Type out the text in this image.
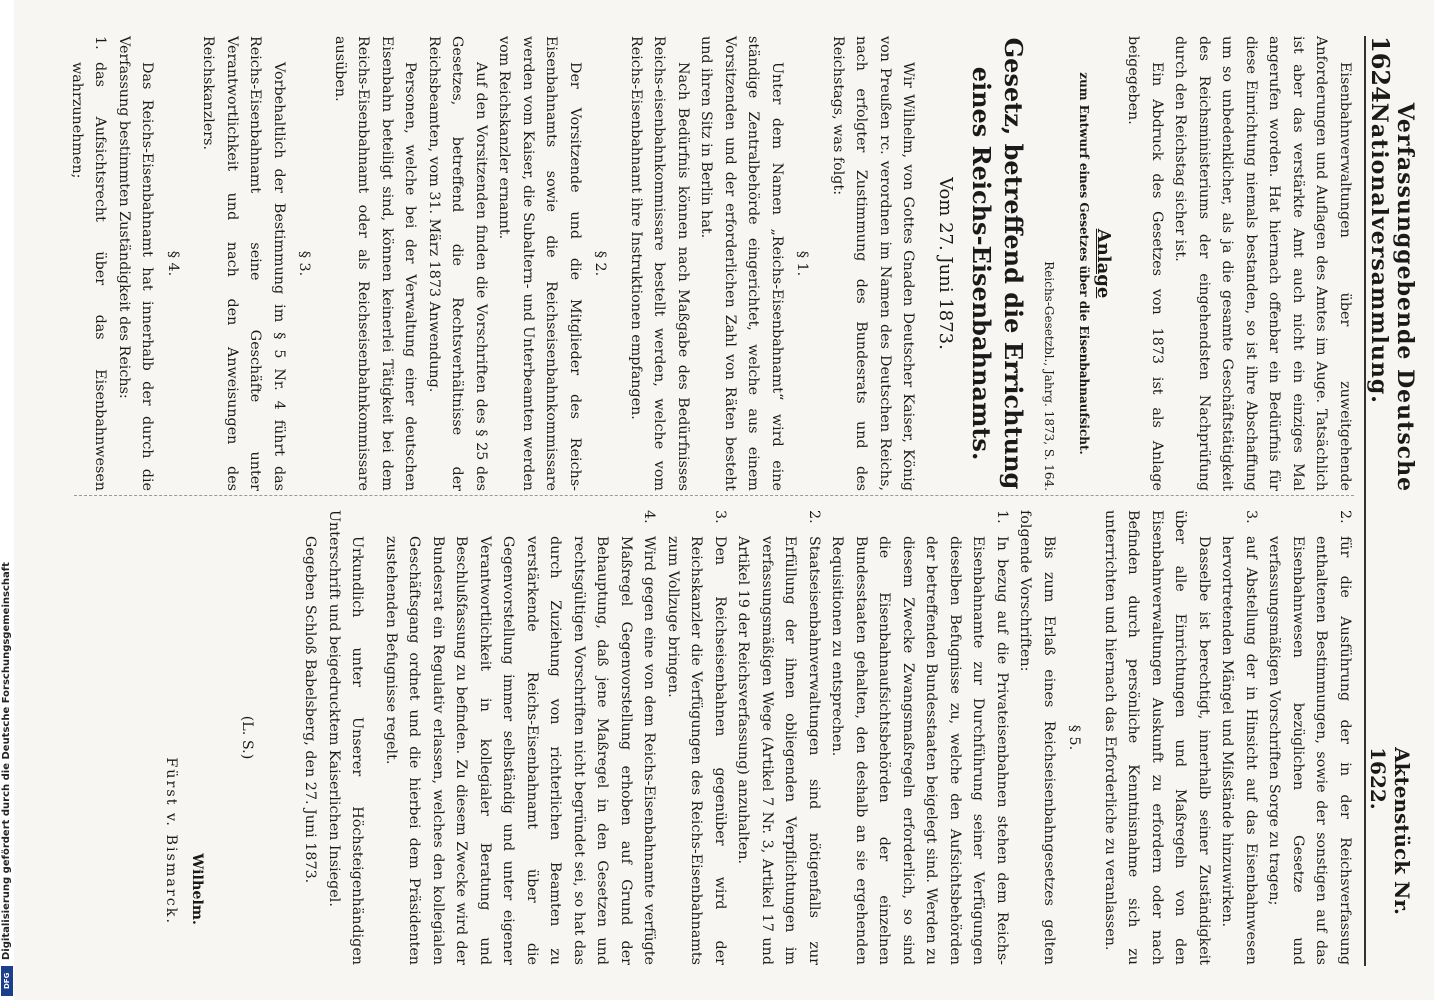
1624
Verfassunggebende Deutsche Nationalversammlung.
Aktenstück Nr. 1622.

Eisenbahnverwaltungen über zuweitgehende Anforderungen und Auflagen des Amtes im Auge. Tatsächlich ist aber das verstärkte Amt auch nicht ein einziges Mal angerufen worden. Hat hiernach offenbar ein Bedürfnis für diese Einrichtung niemals bestanden, so ist ihre Abschaffung um so unbedenklicher, als ja die gesamte Geschäftstätigkeit des Reichsministeriums der eingehendsten Nachprüfung durch den Reichstag sicher ist.

Ein Abdruck des Gesetzes von 1873 ist als Anlage beigegeben.

Anlage
zum Entwurf eines Gesetzes über die Eisenbahnaufsicht.
Reichs-Gesetzbl., Jahrg. 1873, S. 164.
Gesetz, betreffend die Errichtung eines Reichs-Eisenbahnamts.
Vom 27. Juni 1873.

Wir Wilhelm, von Gottes Gnaden Deutscher Kaiser, König von Preußen rc. verordnen im Namen des Deutschen Reichs, nach erfolgter Zustimmung des Bundesrats und des Reichstags, was folgt:

§ 1.

Unter dem Namen „Reichs-Eisenbahnamt“ wird eine ständige Zentralbehörde eingerichtet, welche aus einem Vorsitzenden und der erforderlichen Zahl von Räten besteht und ihren Sitz in Berlin hat.

Nach Bedürfnis können nach Maßgabe des Bedürfnisses Reichs-eisenbahnkommissare bestellt werden, welche vom Reichs-Eisenbahnamt ihre Instruktionen empfangen.

§ 2.

Der Vorsitzende und die Mitglieder des Reichs-Eisenbahnamts sowie die Reichseisenbahnkommissare werden vom Kaiser, die Subaltern- und Unterbeamten werden vom Reichskanzler ernannt.

Auf den Vorsitzenden finden die Vorschriften des § 25 des Gesetzes, betreffend die Rechtsverhältnisse der Reichsbeamten, vom 31. März 1873 Anwendung.

Personen, welche bei der Verwaltung einer deutschen Eisenbahn beteiligt sind, können keinerlei Tätigkeit bei dem Reichs-Eisenbahnamt oder als Reichseisenbahnkommissare ausüben.

§ 3.

Vorbehaltlich der Bestimmung im § 5 Nr. 4 führt das Reichs-Eisenbahnamt seine Geschäfte unter Verantwortlichkeit und nach den Anweisungen des Reichskanzlers.

§ 4.

Das Reichs-Eisenbahnamt hat innerhalb der durch die Verfassung bestimmten Zuständigkeit des Reichs:

1.
das Aufsichtsrecht über das Eisenbahnwesen wahrzunehmen;
2.
für die Ausführung der in der Reichsverfassung enthaltenen Bestimmungen, sowie der sonstigen auf das Eisenbahnwesen bezüglichen Gesetze und verfassungsmäßigen Vorschriften Sorge zu tragen;
3.
auf Abstellung der in Hinsicht auf das Eisenbahnwesen hervortretenden Mängel und Mißstände hinzuwirken.

Dasselbe ist berechtigt, innerhalb seiner Zuständigkeit über alle Einrichtungen und Maßregeln von den Eisenbahnverwaltungen Auskunft zu erfordern oder nach Befinden durch persönliche Kenntnisnahme sich zu unterrichten und hiernach das Erforderliche zu veranlassen.

§ 5.

Bis zum Erlaß eines Reichseisenbahngesetzes gelten folgende Vorschriften:

1.
In bezug auf die Privateisenbahnen stehen dem Reichs-Eisenbahnamte zur Durchführung seiner Verfügungen dieselben Befugnisse zu, welche den Aufsichtsbehörden der betreffenden Bundesstaaten beigelegt sind. Werden zu diesem Zwecke Zwangsmaßregeln erforderlich, so sind die Eisenbahnaufsichtsbehörden der einzelnen Bundesstaaten gehalten, den deshalb an sie ergehenden Requisitionen zu entsprechen.
2.
Staatseisenbahnverwaltungen sind nötigenfalls zur Erfüllung der ihnen obliegenden Verpflichtungen im verfassungsmäßigen Wege (Artikel 7 Nr. 3, Artikel 17 und Artikel 19 der Reichsverfassung) anzuhalten.
3.
Den Reichseisenbahnen gegenüber wird der Reichskanzler die Verfügungen des Reichs-Eisenbahnamts zum Vollzuge bringen.
4.
Wird gegen eine von dem Reichs-Eisenbahnamte verfügte Maßregel Gegenvorstellung erhoben auf Grund der Behauptung, daß jene Maßregel in den Gesetzen und rechtsgültigen Vorschriften nicht begründet sei, so hat das durch Zuziehung von richterlichen Beamten zu verstärkende Reichs-Eisenbahnamt über die Gegenvorstellung immer selbständig und unter eigener Verantwortlichkeit in kollegialer Beratung und Beschlußfassung zu befinden. Zu diesem Zwecke wird der Bundesrat ein Regulativ erlassen, welches den kollegialen Geschäftsgang ordnet und die hierbei dem Präsidenten zustehenden Befugnisse regelt.

Urkundlich unter Unserer Höchsteigenhändigen Unterschrift und beigedrucktem Kaiserlichen Insiegel.

Gegeben Schloß Babelsberg, den 27. Juni 1873.

(L. S.)
Wilhelm.
Fürst v. Bismarck.
DFG
Digitalisierung gefördert durch die Deutsche Forschungsgemeinschaft
